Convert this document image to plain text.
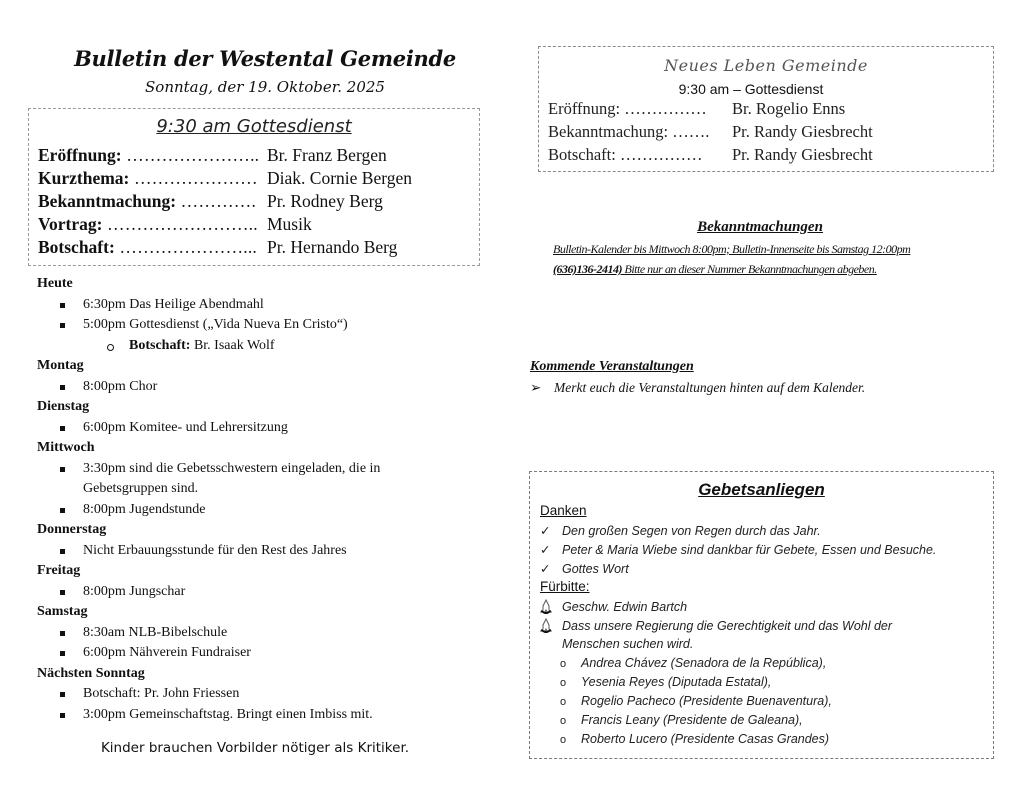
Bulletin der Westental Gemeinde
Sonntag, der 19. Oktober. 2025
9:30 am Gottesdienst
Eröffnung: ………………….. Br. Franz Bergen
Kurzthema: ………………… Diak. Cornie Bergen
Bekanntmachung: …………. Pr. Rodney Berg
Vortrag: …………………….. Musik
Botschaft: …………………... Pr. Hernando Berg
Heute
6:30pm Das Heilige Abendmahl
5:00pm Gottesdienst („Vida Nueva En Cristo“)
Botschaft: Br. Isaak Wolf
Montag
8:00pm Chor
Dienstag
6:00pm Komitee- und Lehrersitzung
Mittwoch
3:30pm sind die Gebetsschwestern eingeladen, die in Gebetsgruppen sind.
8:00pm Jugendstunde
Donnerstag
Nicht Erbauungsstunde für den Rest des Jahres
Freitag
8:00pm Jungschar
Samstag
8:30am NLB-Bibelschule
6:00pm Nähverein Fundraiser
Nächsten Sonntag
Botschaft: Pr. John Friessen
3:00pm Gemeinschaftstag. Bringt einen Imbiss mit.
Kinder brauchen Vorbilder nötiger als Kritiker.
Neues Leben Gemeinde
9:30 am – Gottesdienst
Eröffnung: …………… Br. Rogelio Enns
Bekanntmachung: ……. Pr. Randy Giesbrecht
Botschaft: …………… Pr. Randy Giesbrecht
Bekanntmachungen
Bulletin-Kalender bis Mittwoch 8:00pm; Bulletin-Innenseite bis Samstag 12:00pm
(636)136-2414) Bitte nur an dieser Nummer Bekanntmachungen abgeben.
Kommende Veranstaltungen
➢ Merkt euch die Veranstaltungen hinten auf dem Kalender.
Gebetsanliegen
Danken
✓ Den großen Segen von Regen durch das Jahr.
✓ Peter & Maria Wiebe sind dankbar für Gebete, Essen und Besuche.
✓ Gottes Wort
Fürbitte:
Geschw. Edwin Bartch
Dass unsere Regierung die Gerechtigkeit und das Wohl der
Menschen suchen wird.
o Andrea Chávez (Senadora de la República),
o Yesenia Reyes (Diputada Estatal),
o Rogelio Pacheco (Presidente Buenaventura),
o Francis Leany (Presidente de Galeana),
o Roberto Lucero (Presidente Casas Grandes)
